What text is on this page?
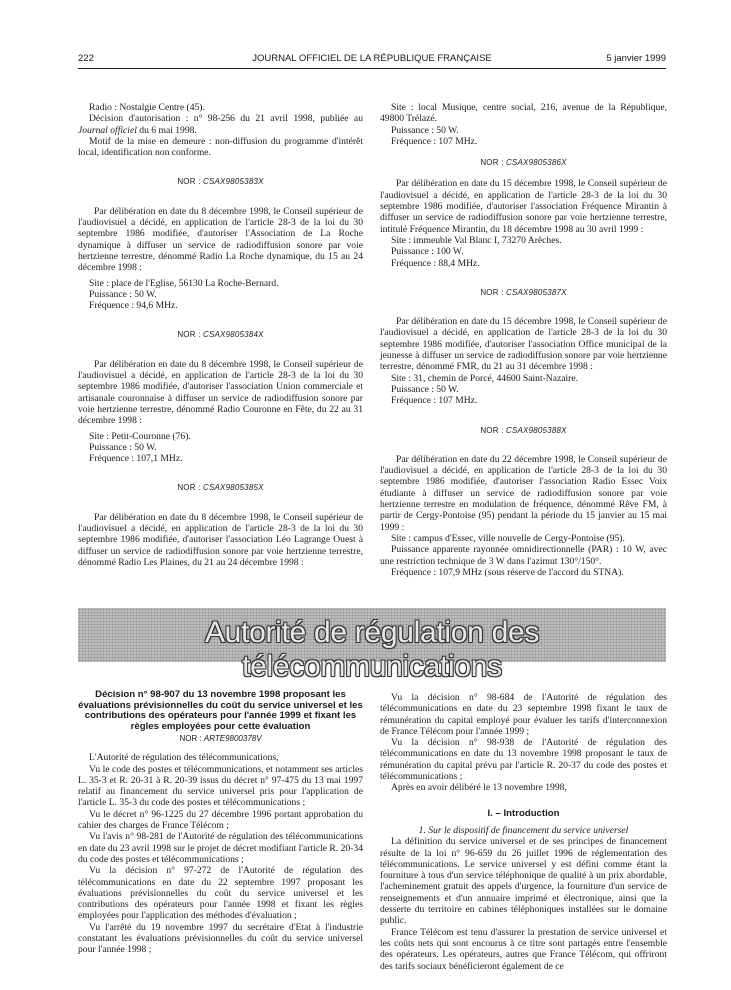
222	JOURNAL OFFICIEL DE LA RÉPUBLIQUE FRANÇAISE	5 janvier 1999

Radio : Nostalgie Centre (45).

Décision d'autorisation : n° 98-256 du 21 avril 1998, publiée au Journal officiel du 6 mai 1998.

Motif de la mise en demeure : non-diffusion du programme d'intérêt local, identification non conforme.

NOR : CSAX9805383X

Par délibération en date du 8 décembre 1998, le Conseil supérieur de l'audiovisuel a décidé, en application de l'article 28-3 de la loi du 30 septembre 1986 modifiée, d'autoriser l'Association de La Roche dynamique à diffuser un service de radiodiffusion sonore par voie hertzienne terrestre, dénommé Radio La Roche dynamique, du 15 au 24 décembre 1998 :

Site : place de l'Eglise, 56130 La Roche-Bernard.

Puissance : 50 W.

Fréquence : 94,6 MHz.

NOR : CSAX9805384X

Par délibération en date du 8 décembre 1998, le Conseil supérieur de l'audiovisuel a décidé, en application de l'article 28-3 de la loi du 30 septembre 1986 modifiée, d'autoriser l'association Union commerciale et artisanale couronnaise à diffuser un service de radiodiffusion sonore par voie hertzienne terrestre, dénommé Radio Couronne en Fête, du 22 au 31 décembre 1998 :

Site : Petit-Couronne (76).

Puissance : 50 W.

Fréquence : 107,1 MHz.

NOR : CSAX9805385X

Par délibération en date du 8 décembre 1998, le Conseil supérieur de l'audiovisuel a décidé, en application de l'article 28-3 de la loi du 30 septembre 1986 modifiée, d'autoriser l'association Léo Lagrange Ouest à diffuser un service de radiodiffusion sonore par voie hertzienne terrestre, dénommé Radio Les Plaines, du 21 au 24 décembre 1998 :

Site : local Musique, centre social, 216, avenue de la République, 49800 Trélazé.

Puissance : 50 W.

Fréquence : 107 MHz.

NOR : CSAX9805386X

Par délibération en date du 15 décembre 1998, le Conseil supérieur de l'audiovisuel a décidé, en application de l'article 28-3 de la loi du 30 septembre 1986 modifiée, d'autoriser l'association Fréquence Mirantin à diffuser un service de radiodiffusion sonore par voie hertzienne terrestre, intitulé Fréquence Mirantin, du 18 décembre 1998 au 30 avril 1999 :

Site : immeuble Val Blanc I, 73270 Arêches.

Puissance : 100 W.

Fréquence : 88,4 MHz.

NOR : CSAX9805387X

Par délibération en date du 15 décembre 1998, le Conseil supérieur de l'audiovisuel a décidé, en application de l'article 28-3 de la loi du 30 septembre 1986 modifiée, d'autoriser l'association Office municipal de la jeunesse à diffuser un service de radiodiffusion sonore par voie hertzienne terrestre, dénommé FMR, du 21 au 31 décembre 1998 :

Site : 31, chemin de Porcé, 44600 Saint-Nazaire.

Puissance : 50 W.

Fréquence : 107 MHz.

NOR : CSAX9805388X

Par délibération en date du 22 décembre 1998, le Conseil supérieur de l'audiovisuel a décidé, en application de l'article 28-3 de la loi du 30 septembre 1986 modifiée, d'autoriser l'association Radio Essec Voix étudiante à diffuser un service de radiodiffusion sonore par voie hertzienne terrestre en modulation de fréquence, dénommé Rêve FM, à partir de Cergy-Pontoise (95) pendant la période du 15 janvier au 15 mai 1999 :

Site : campus d'Essec, ville nouvelle de Cergy-Pontoise (95).

Puissance apparente rayonnée omnidirectionnelle (PAR) : 10 W, avec une restriction technique de 3 W dans l'azimut 130°/150°.

Fréquence : 107,9 MHz (sous réserve de l'accord du STNA).

Autorité de régulation des télécommunications

Décision n° 98-907 du 13 novembre 1998 proposant les évaluations prévisionnelles du coût du service universel et les contributions des opérateurs pour l'année 1999 et fixant les règles employées pour cette évaluation

NOR : ARTE9800378V

L'Autorité de régulation des télécommunications,

Vu le code des postes et télécommunications, et notamment ses articles L. 35-3 et R. 20-31 à R. 20-39 issus du décret n° 97-475 du 13 mai 1997 relatif au financement du service universel pris pour l'application de l'article L. 35-3 du code des postes et télécommunications ;

Vu le décret n° 96-1225 du 27 décembre 1996 portant approbation du cahier des charges de France Télécom ;

Vu l'avis n° 98-281 de l'Autorité de régulation des télécommunications en date du 23 avril 1998 sur le projet de décret modifiant l'article R. 20-34 du code des postes et télécommunications ;

Vu la décision n° 97-272 de l'Autorité de régulation des télécommunications en date du 22 septembre 1997 proposant les évaluations prévisionnelles du coût du service universel et les contributions des opérateurs pour l'année 1998 et fixant les règles employées pour l'application des méthodes d'évaluation ;

Vu l'arrêté du 19 novembre 1997 du secrétaire d'Etat à l'industrie constatant les évaluations prévisionnelles du coût du service universel pour l'année 1998 ;

Vu la décision n° 98-684 de l'Autorité de régulation des télécommunications en date du 23 septembre 1998 fixant le taux de rémunération du capital employé pour évaluer les tarifs d'interconnexion de France Télécom pour l'année 1999 ;

Vu la décision n° 98-938 de l'Autorité de régulation des télécommunications en date du 13 novembre 1998 proposant le taux de rémunération du capital prévu par l'article R. 20-37 du code des postes et télécommunications ;

Après en avoir délibéré le 13 novembre 1998,

I. – Introduction

1. Sur le dispositif de financement du service universel

La définition du service universel et de ses principes de financement résulte de la loi n° 96-659 du 26 juillet 1996 de réglementation des télécommunications. Le service universel y est défini comme étant la fourniture à tous d'un service téléphonique de qualité à un prix abordable, l'acheminement gratuit des appels d'urgence, la fourniture d'un service de renseignements et d'un annuaire imprimé et électronique, ainsi que la desserte du territoire en cabines téléphoniques installées sur le domaine public.

France Télécom est tenu d'assurer la prestation de service universel et les coûts nets qui sont encourus à ce titre sont partagés entre l'ensemble des opérateurs. Les opérateurs, autres que France Télécom, qui offriront des tarifs sociaux bénéficieront également de ce
